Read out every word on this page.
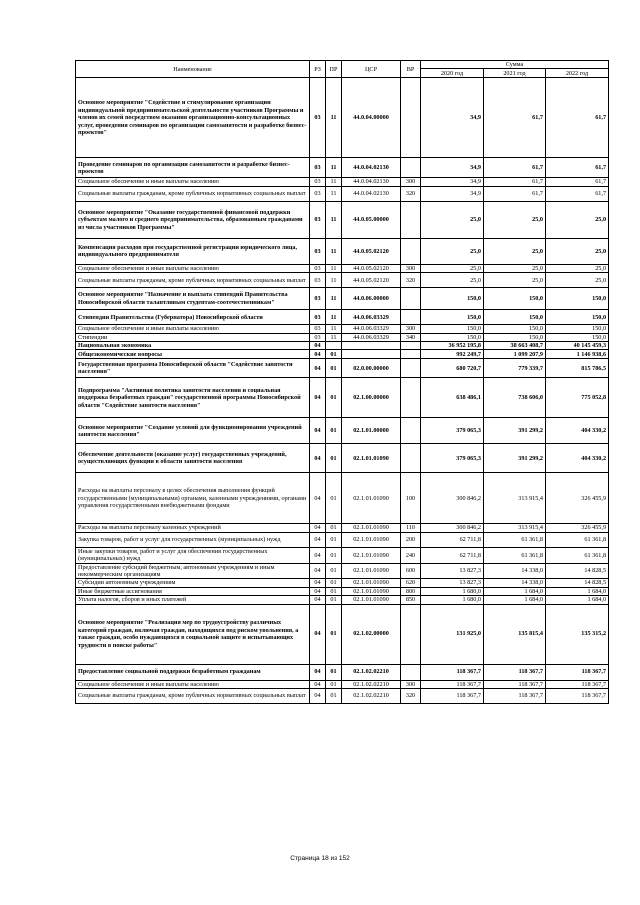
Наименование	РЗ	ПР	ЦСР	ВР	Сумма		
					2020 год	2021 год	2022 год
Основное мероприятие "Содействие и стимулирование организации индивидуальной предпринимательской деятельности участников Программы и членов их семей посредством оказания организационно-консультационных услуг, проведения семинаров по организации самозанятости и разработке бизнес-проектов"	03	11	44.0.04.00000		34,9	61,7	61,7
Проведение семинаров по организации самозанятости и разработке бизнес-проектов	03	11	44.0.04.02130		34,9	61,7	61,7
Социальное обеспечение и иные выплаты населению	03	11	44.0.04.02130	300	34,9	61,7	61,7
Социальные выплаты гражданам, кроме публичных нормативных социальных выплат	03	11	44.0.04.02130	320	34,9	61,7	61,7
Основное мероприятие "Оказание государственной финансовой поддержки субъектам малого и среднего предпринимательства, образованным гражданами из числа участников Программы"	03	11	44.0.05.00000		25,0	25,0	25,0
Компенсация расходов при государственной регистрации юридического лица, индивидуального предпринимателя	03	11	44.0.05.02120		25,0	25,0	25,0
Социальное обеспечение и иные выплаты населению	03	11	44.0.05.02120	300	25,0	25,0	25,0
Социальные выплаты гражданам, кроме публичных нормативных социальных выплат	03	11	44.0.05.02120	320	25,0	25,0	25,0
Основное мероприятие "Назначение и выплата стипендий Правительства Новосибирской области талантливым студентам-соотечественникам"	03	11	44.0.06.00000		150,0	150,0	150,0
Стипендии Правительства (Губернатора) Новосибирской области	03	11	44.0.06.03329		150,0	150,0	150,0
Социальное обеспечение и иные выплаты населению	03	11	44.0.06.03329	300	150,0	150,0	150,0
Стипендии	03	11	44.0.06.03329	340	150,0	150,0	150,0
Национальная экономика	04				36 952 195,8	38 663 408,7	40 145 459,3
Общеэкономические вопросы	04	01			992 249,7	1 099 207,9	1 146 938,6
Государственная программа Новосибирской области "Содействие занятости населения"	04	01	02.0.00.00000		680 720,7	779 339,7	815 786,5
Подпрограмма "Активная политика занятости населения и социальная поддержка безработных граждан" государственной программы Новосибирской области "Содействие занятости населения"	04	01	02.1.00.00000		638 486,1	738 606,0	775 052,8
Основное мероприятие "Создание условий для функционирования учреждений занятости населения"	04	01	02.1.01.00000		379 065,3	391 299,2	404 330,2
Обеспечение деятельности (оказание услуг) государственных учреждений, осуществляющих функции в области занятости населения	04	01	02.1.01.01090		379 065,3	391 299,2	404 330,2
Расходы на выплаты персоналу в целях обеспечения выполнения функций государственными (муниципальными) органами, казенными учреждениями, органами управления государственными внебюджетными фондами	04	01	02.1.01.01090	100	300 846,2	313 915,4	326 455,9
Расходы на выплаты персоналу казенных учреждений	04	01	02.1.01.01090	110	300 846,2	313 915,4	326 455,9
Закупка товаров, работ и услуг для государственных (муниципальных) нужд	04	01	02.1.01.01090	200	62 711,8	61 361,8	61 361,8
Иные закупки товаров, работ и услуг для обеспечения государственных (муниципальных) нужд	04	01	02.1.01.01090	240	62 711,8	61 361,8	61 361,8
Предоставление субсидий бюджетным, автономным учреждениям и иным некоммерческим организациям	04	01	02.1.01.01090	600	13 827,3	14 338,0	14 828,5
Субсидии автономным учреждениям	04	01	02.1.01.01090	620	13 827,3	14 338,0	14 828,5
Иные бюджетные ассигнования	04	01	02.1.01.01090	800	1 680,0	1 684,0	1 684,0
Уплата налогов, сборов и иных платежей	04	01	02.1.01.01090	850	1 680,0	1 684,0	1 684,0
Основное мероприятие "Реализация мер по трудоустройству различных категорий граждан, включая граждан, находящихся под риском увольнения, а также граждан, особо нуждающихся в социальной защите и испытывающих трудности в поиске работы"	04	01	02.1.02.00000		131 925,0	135 815,4	135 315,2
Предоставление социальной поддержки безработным гражданам	04	01	02.1.02.02210		118 367,7	118 367,7	118 367,7
Социальное обеспечение и иные выплаты населению	04	01	02.1.02.02210	300	118 367,7	118 367,7	118 367,7
Социальные выплаты гражданам, кроме публичных нормативных социальных выплат	04	01	02.1.02.02210	320	118 367,7	118 367,7	118 367,7
Страница 18 из 152
